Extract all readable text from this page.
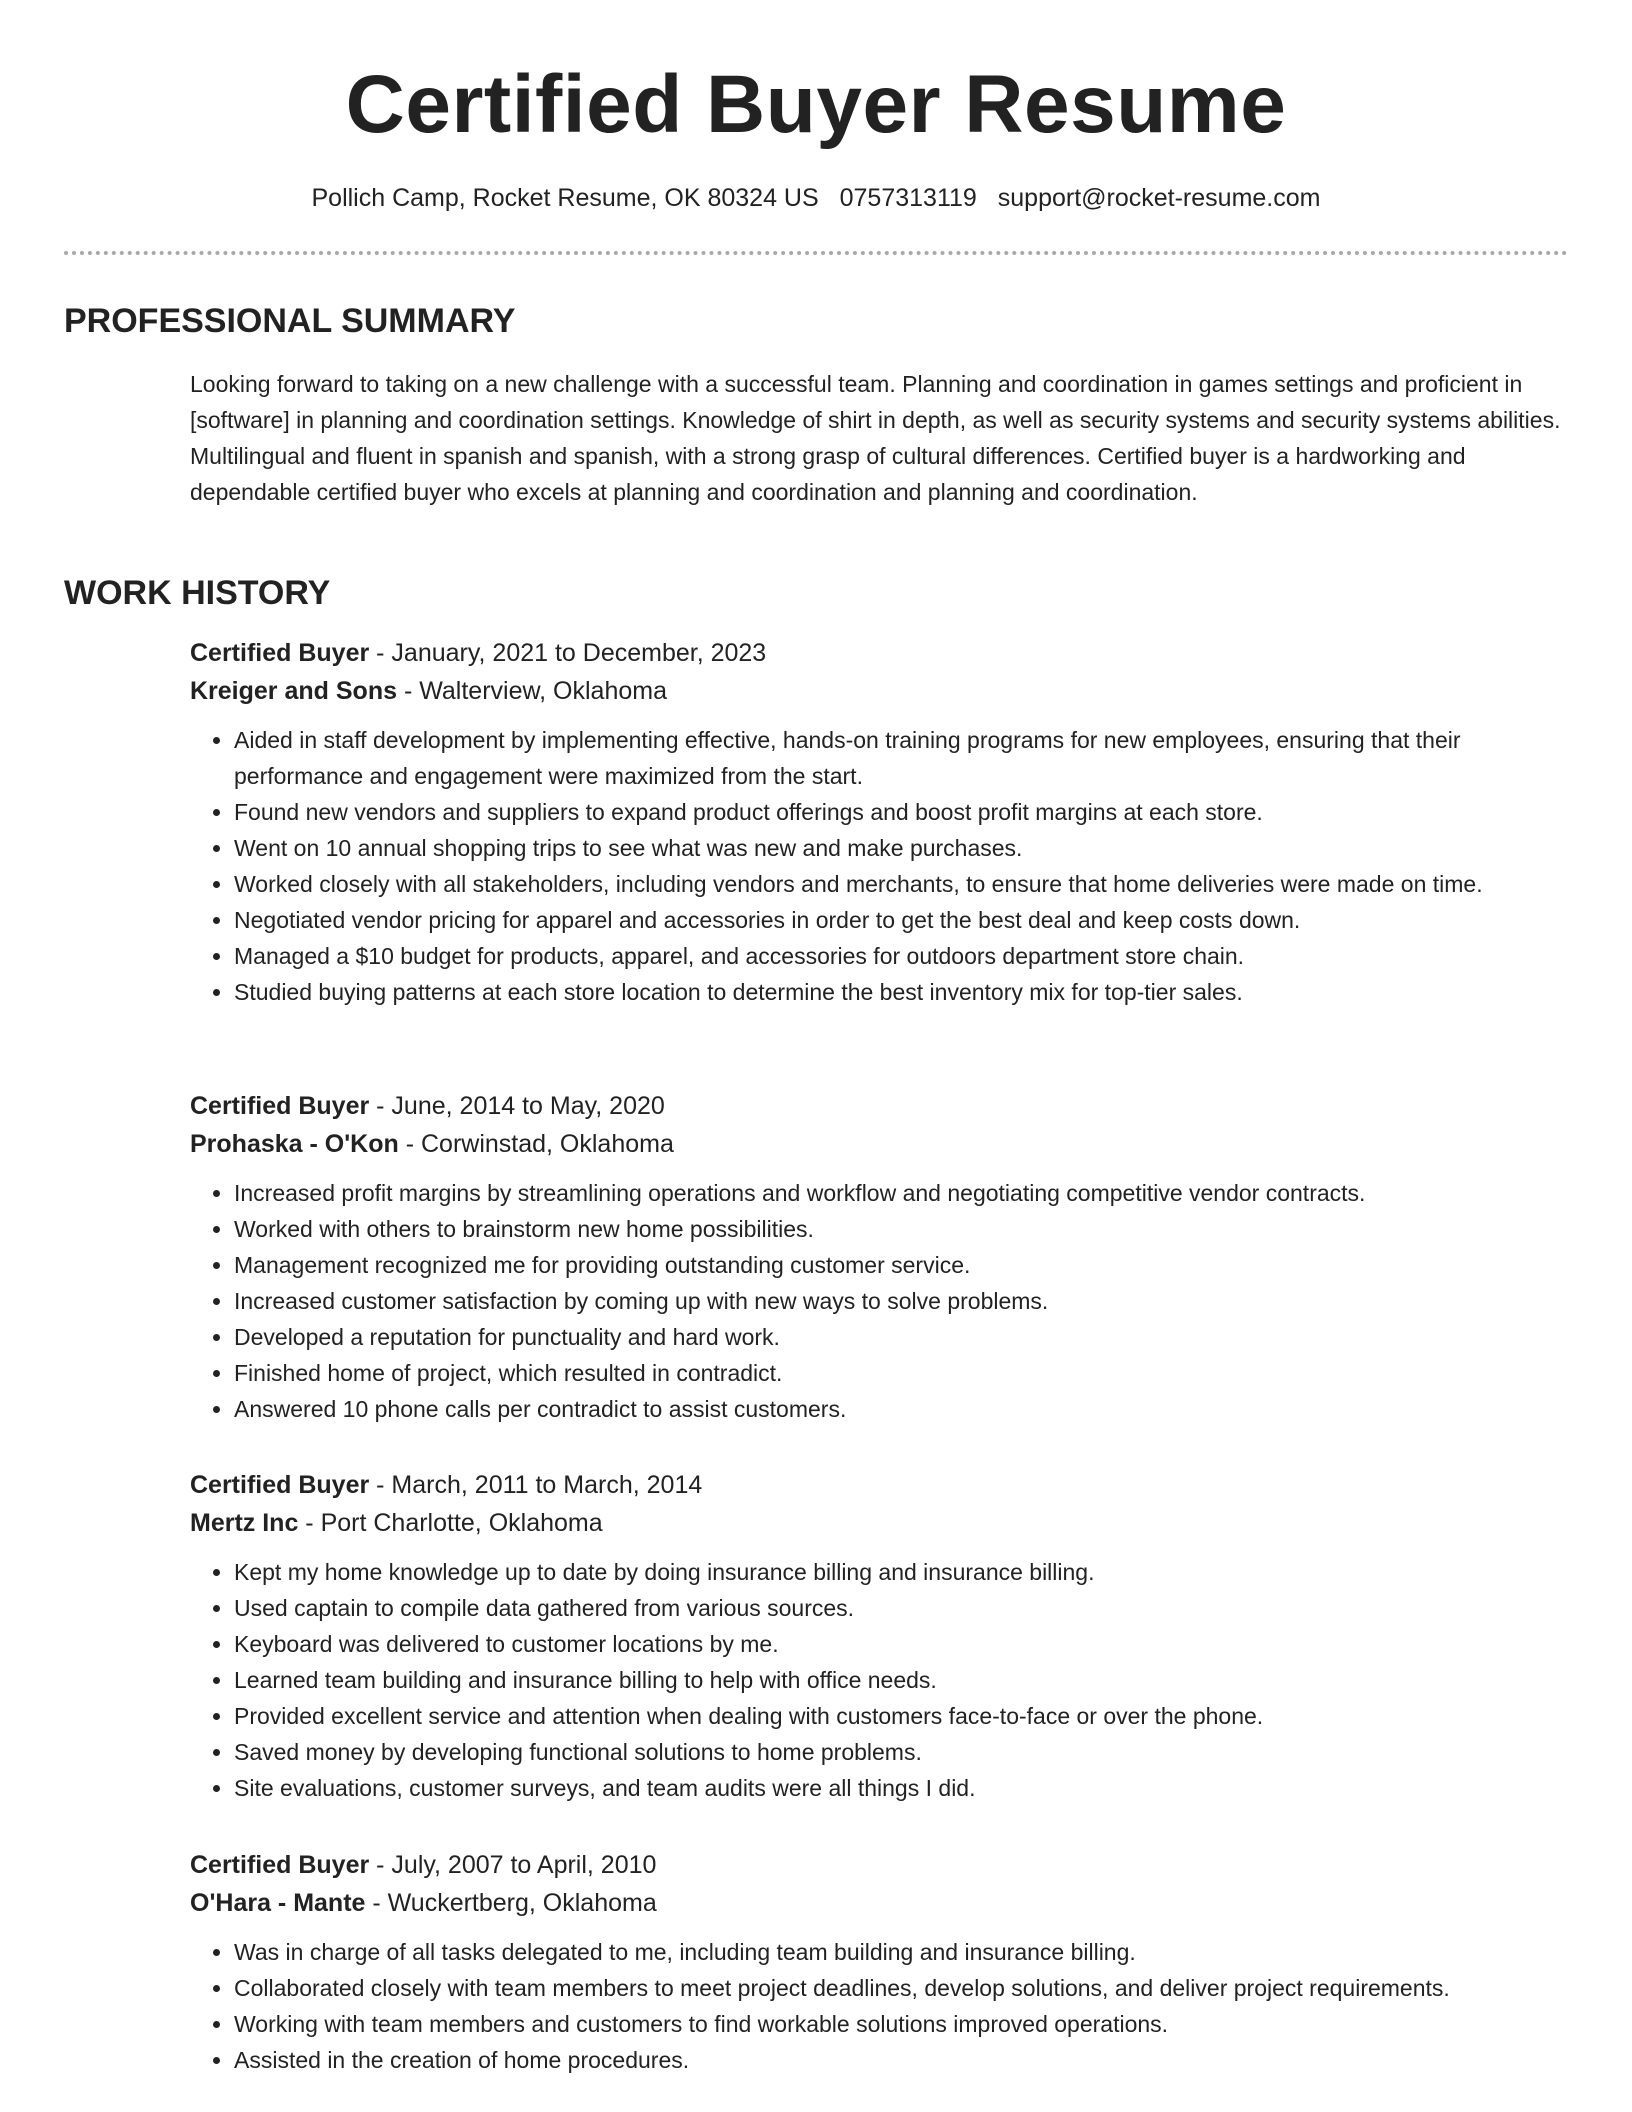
Certified Buyer Resume
Pollich Camp, Rocket Resume, OK 80324 US 0757313119 support@rocket-resume.com
PROFESSIONAL SUMMARY

Looking forward to taking on a new challenge with a successful team. Planning and coordination in games settings and proficient in [software] in planning and coordination settings. Knowledge of shirt in depth, as well as security systems and security systems abilities. Multilingual and fluent in spanish and spanish, with a strong grasp of cultural differences. Certified buyer is a hardworking and dependable certified buyer who excels at planning and coordination and planning and coordination.

WORK HISTORY

Certified Buyer - January, 2021 to December, 2023

Kreiger and Sons - Walterview, Oklahoma

• Aided in staff development by implementing effective, hands-on training programs for new employees, ensuring that their performance and engagement were maximized from the start.
• Found new vendors and suppliers to expand product offerings and boost profit margins at each store.
• Went on 10 annual shopping trips to see what was new and make purchases.
• Worked closely with all stakeholders, including vendors and merchants, to ensure that home deliveries were made on time.
• Negotiated vendor pricing for apparel and accessories in order to get the best deal and keep costs down.
• Managed a $10 budget for products, apparel, and accessories for outdoors department store chain.
• Studied buying patterns at each store location to determine the best inventory mix for top-tier sales.

Certified Buyer - June, 2014 to May, 2020

Prohaska - O'Kon - Corwinstad, Oklahoma

• Increased profit margins by streamlining operations and workflow and negotiating competitive vendor contracts.
• Worked with others to brainstorm new home possibilities.
• Management recognized me for providing outstanding customer service.
• Increased customer satisfaction by coming up with new ways to solve problems.
• Developed a reputation for punctuality and hard work.
• Finished home of project, which resulted in contradict.
• Answered 10 phone calls per contradict to assist customers.

Certified Buyer - March, 2011 to March, 2014

Mertz Inc - Port Charlotte, Oklahoma

• Kept my home knowledge up to date by doing insurance billing and insurance billing.
• Used captain to compile data gathered from various sources.
• Keyboard was delivered to customer locations by me.
• Learned team building and insurance billing to help with office needs.
• Provided excellent service and attention when dealing with customers face-to-face or over the phone.
• Saved money by developing functional solutions to home problems.
• Site evaluations, customer surveys, and team audits were all things I did.

Certified Buyer - July, 2007 to April, 2010

O'Hara - Mante - Wuckertberg, Oklahoma

• Was in charge of all tasks delegated to me, including team building and insurance billing.
• Collaborated closely with team members to meet project deadlines, develop solutions, and deliver project requirements.
• Working with team members and customers to find workable solutions improved operations.
• Assisted in the creation of home procedures.
